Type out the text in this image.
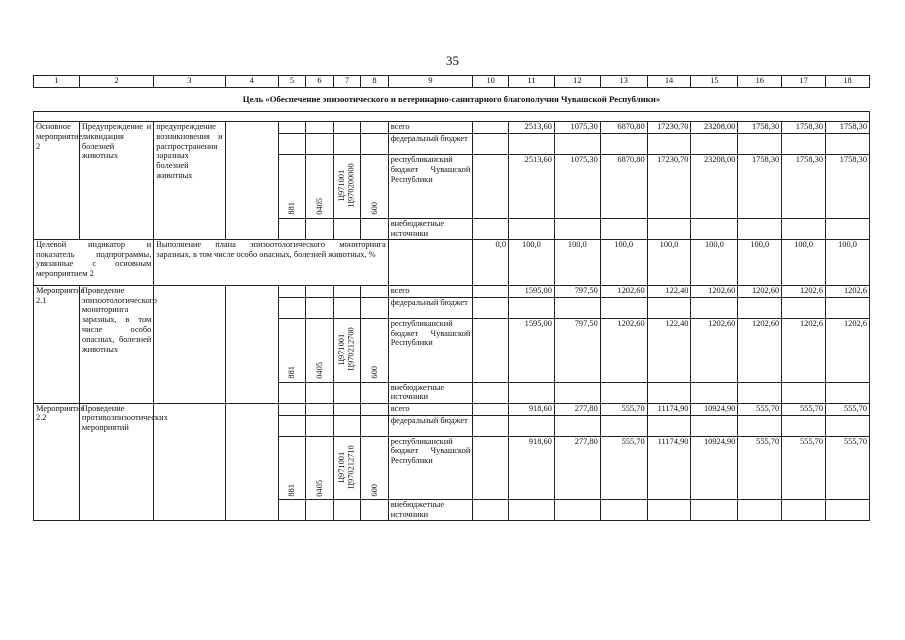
35
1	2	3	4	5	6	7	8	9	10	11	12	13	14	15	16	17	18
Цель «Обеспечение эпизоотического и ветеринарно-санитарного благополучия Чувашской Республики»																	

Основное мероприятие 2	Предупреждение и ликвидация болезней животных	предупреждение возникновения и распространения заразных болезней животных						всего		2513,60	1075,30	6870,80	17230,70	23208,00	1758,30	1758,30	1758,30
								федеральный бюджет									
				881	0405	Ц971001 Ц970200000	600	республиканский бюджет Чувашской Республики		2513,60	1075,30	6870,80	17230,70	23208,00	1758,30	1758,30	1758,30
								внебюджетные источники									
Целевой индикатор и показатель подпрограммы, увязанные с основным мероприятием 2		Выполнение плана эпизоотологического мониторинга заразных, в том числе особо опасных, болезней животных, %							0,0	100,0	100,0	100,0	100,0	100,0	100,0	100,0	100,0
Мероприятие 2.1	Проведение эпизоотологического мониторинга заразных, в том числе особо опасных, болезней животных							всего		1595,00	797,50	1202,60	122,40	1202,60	1202,60	1202,6	1202,6
								федеральный бюджет									
				881	0405	Ц971001 Ц970212700	600	республиканский бюджет Чувашской Республики		1595,00	797,50	1202,60	122,40	1202,60	1202,60	1202,6	1202,6
								внебюджетные источники									
Мероприятие 2.2	Проведение противоэпизоотических мероприятий							всего		918,60	277,80	555,70	11174,90	10924,90	555,70	555,70	555,70
								федеральный бюджет									
				881	0405	Ц971001 Ц970212710	600	республиканский бюджет Чувашской Республики		918,60	277,80	555,70	11174,90	10924,90	555,70	555,70	555,70
								внебюджетные источники									
